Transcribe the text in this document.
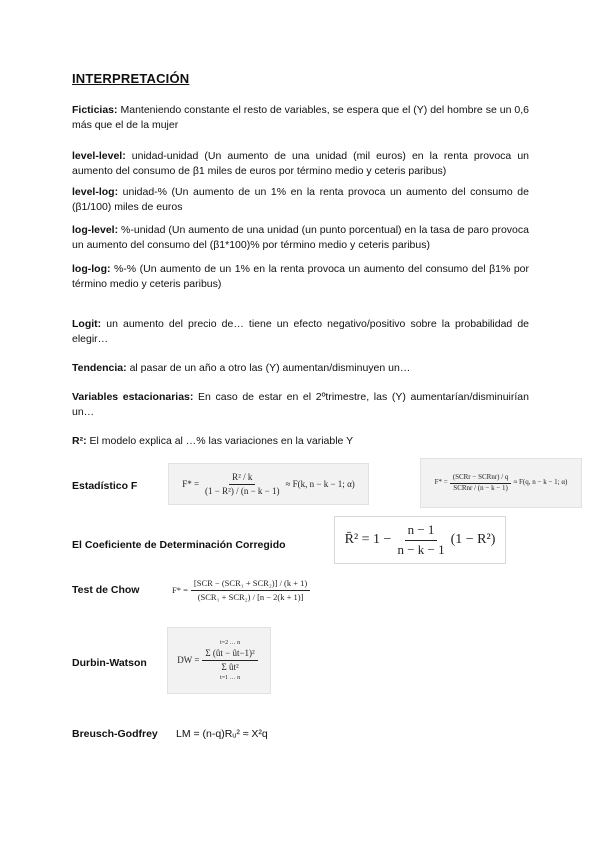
INTERPRETACIÓN
Ficticias: Manteniendo constante el resto de variables, se espera que el (Y) del hombre se un 0,6 más que el de la mujer
level-level: unidad-unidad (Un aumento de una unidad (mil euros) en la renta provoca un aumento del consumo de β1 miles de euros por término medio y ceteris paribus)
level-log: unidad-% (Un aumento de un 1% en la renta provoca un aumento del consumo de (β1/100) miles de euros
log-level: %-unidad (Un aumento de una unidad (un punto porcentual) en la tasa de paro provoca un aumento del consumo del (β1*100)% por término medio y ceteris paribus)
log-log: %-% (Un aumento de un 1% en la renta provoca un aumento del consumo del β1% por término medio y ceteris paribus)
Logit: un aumento del precio de… tiene un efecto negativo/positivo sobre la probabilidad de elegir…
Tendencia: al pasar de un año a otro las (Y) aumentan/disminuyen un…
Variables estacionarias: En caso de estar en el 2ºtrimestre, las (Y) aumentarían/disminuirían un…
R²: El modelo explica al …% las variaciones en la variable Y
Estadístico F	$F* = \frac{\text{R² / k}}{\text{(1 − R²) / (n − k − 1)}} \approx F(k$, n − k − 1; α)	$F* = \frac{\text{(SCRr − SCRnr) / q}}{\text{SCRnr / (n − k − 1)}} \approx F(q$, n − k − 1; α)
El Coeficiente de Determinación Corregido	R̄² = $1 - \frac{n - 1}{n - k - 1} (1 - R^2)$
Test de Chow	$F* = \frac{\text{[SCR − (SCR₁ + SCR₂)] / (k + 1)}}{\text{(SCR₁ + SCR₂) / [n − 2(k + 1)]}}$
Durbin-Watson	DW = t=2 … n
Σ (ût − ût−1)²
Σ ût²
t=1 … n
Breusch-Godfrey LM = (n-q)Rᵤ² ≈ X²q
